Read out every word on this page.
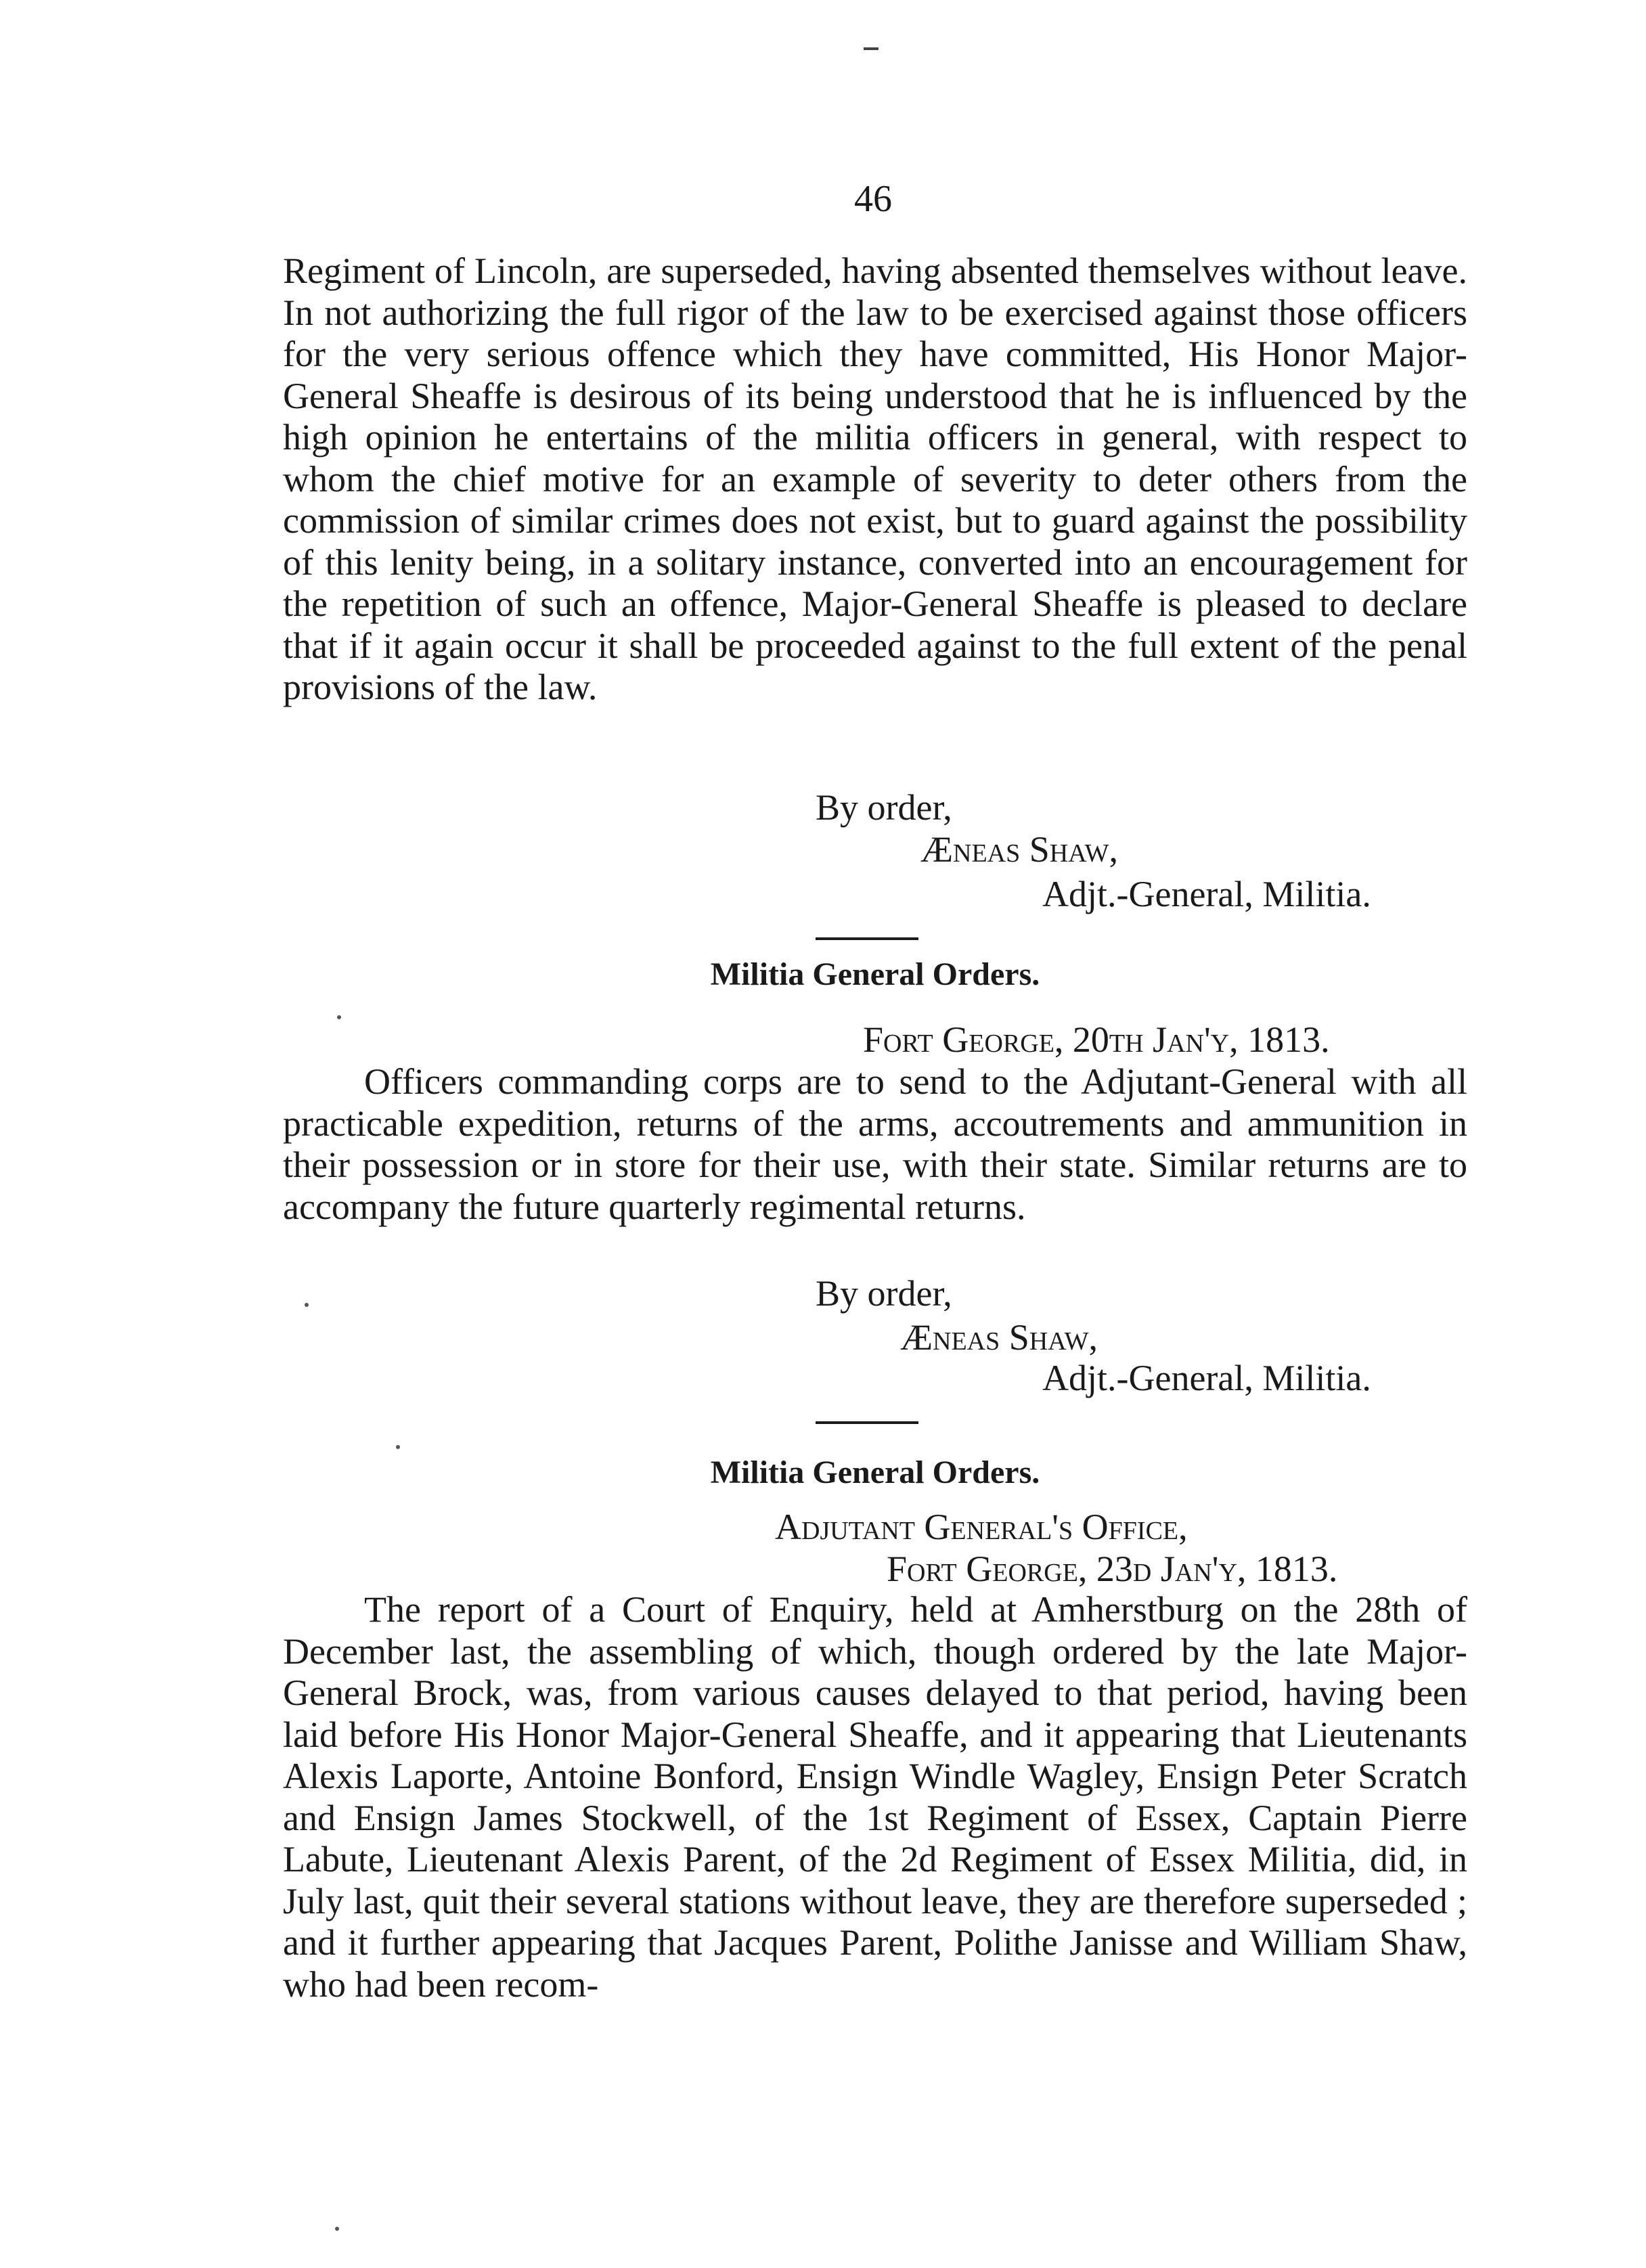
46

Regiment of Lincoln, are superseded, having absented themselves without leave. In not authorizing the full rigor of the law to be exercised against those officers for the very serious offence which they have committed, His Honor Major-General Sheaffe is desirous of its being understood that he is influenced by the high opinion he entertains of the militia officers in general, with respect to whom the chief motive for an example of severity to deter others from the commission of similar crimes does not exist, but to guard against the possibility of this lenity being, in a solitary instance, converted into an encouragement for the repetition of such an offence, Major-General Sheaffe is pleased to declare that if it again occur it shall be proceeded against to the full extent of the penal provisions of the law.

By order,
Æneas Shaw,
Adjt.-General, Militia.
Militia General Orders.
Fort George, 20th Jan'y, 1813.

Officers commanding corps are to send to the Adjutant-General with all practicable expedition, returns of the arms, accoutrements and ammunition in their possession or in store for their use, with their state. Similar returns are to accompany the future quarterly regimental returns.

By order,
Æneas Shaw,
Adjt.-General, Militia.
Militia General Orders.
Adjutant General's Office,
Fort George, 23d Jan'y, 1813.

The report of a Court of Enquiry, held at Amherstburg on the 28th of December last, the assembling of which, though ordered by the late Major-General Brock, was, from various causes delayed to that period, having been laid before His Honor Major-General Sheaffe, and it appearing that Lieutenants Alexis Laporte, Antoine Bonford, Ensign Windle Wagley, Ensign Peter Scratch and Ensign James Stockwell, of the 1st Regiment of Essex, Captain Pierre Labute, Lieutenant Alexis Parent, of the 2d Regiment of Essex Militia, did, in July last, quit their several stations without leave, they are therefore superseded ; and it further appearing that Jacques Parent, Polithe Janisse and William Shaw, who had been recom-
